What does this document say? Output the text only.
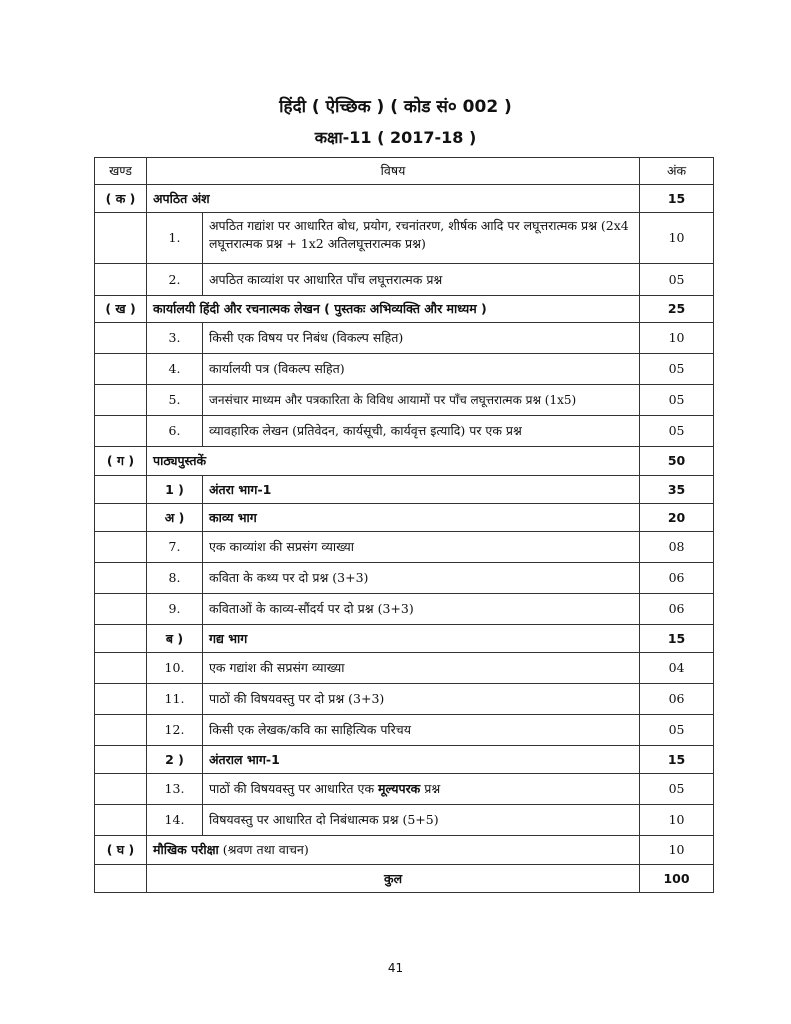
हिंदी ( ऐच्छिक ) ( कोड सं० 002 )
कक्षा-11 ( 2017-18 )
खण्ड	विषय		अंक
( क )	अपठित अंश		15
	1.	अपठित गद्यांश पर आधारित बोध, प्रयोग, रचनांतरण, शीर्षक आदि पर लघूत्तरात्मक प्रश्न (2x4 लघूत्तरात्मक प्रश्न + 1x2 अतिलघूत्तरात्मक प्रश्न)	10
	2.	अपठित काव्यांश पर आधारित पाँच लघूत्तरात्मक प्रश्न	05
( ख )	कार्यालयी हिंदी और रचनात्मक लेखन ( पुस्तकः अभिव्यक्ति और माध्यम )		25
	3.	किसी एक विषय पर निबंध (विकल्प सहित)	10
	4.	कार्यालयी पत्र (विकल्प सहित)	05
	5.	जनसंचार माध्यम और पत्रकारिता के विविध आयामों पर पाँच लघूत्तरात्मक प्रश्न (1x5)	05
	6.	व्यावहारिक लेखन (प्रतिवेदन, कार्यसूची, कार्यवृत्त इत्यादि) पर एक प्रश्न	05
( ग )	पाठ्यपुस्तकें		50
	1 )	अंतरा भाग-1	35
	अ )	काव्य भाग	20
	7.	एक काव्यांश की सप्रसंग व्याख्या	08
	8.	कविता के कथ्य पर दो प्रश्न (3+3)	06
	9.	कविताओं के काव्य-सौंदर्य पर दो प्रश्न (3+3)	06
	ब )	गद्य भाग	15
	10.	एक गद्यांश की सप्रसंग व्याख्या	04
	11.	पाठों की विषयवस्तु पर दो प्रश्न (3+3)	06
	12.	किसी एक लेखक/कवि का साहित्यिक परिचय	05
	2 )	अंतराल भाग-1	15
	13.	पाठों की विषयवस्तु पर आधारित एक मूल्यपरक प्रश्न	05
	14.	विषयवस्तु पर आधारित दो निबंधात्मक प्रश्न (5+5)	10
( घ )	मौखिक परीक्षा (श्रवण तथा वाचन)		10
	कुल		100
41
